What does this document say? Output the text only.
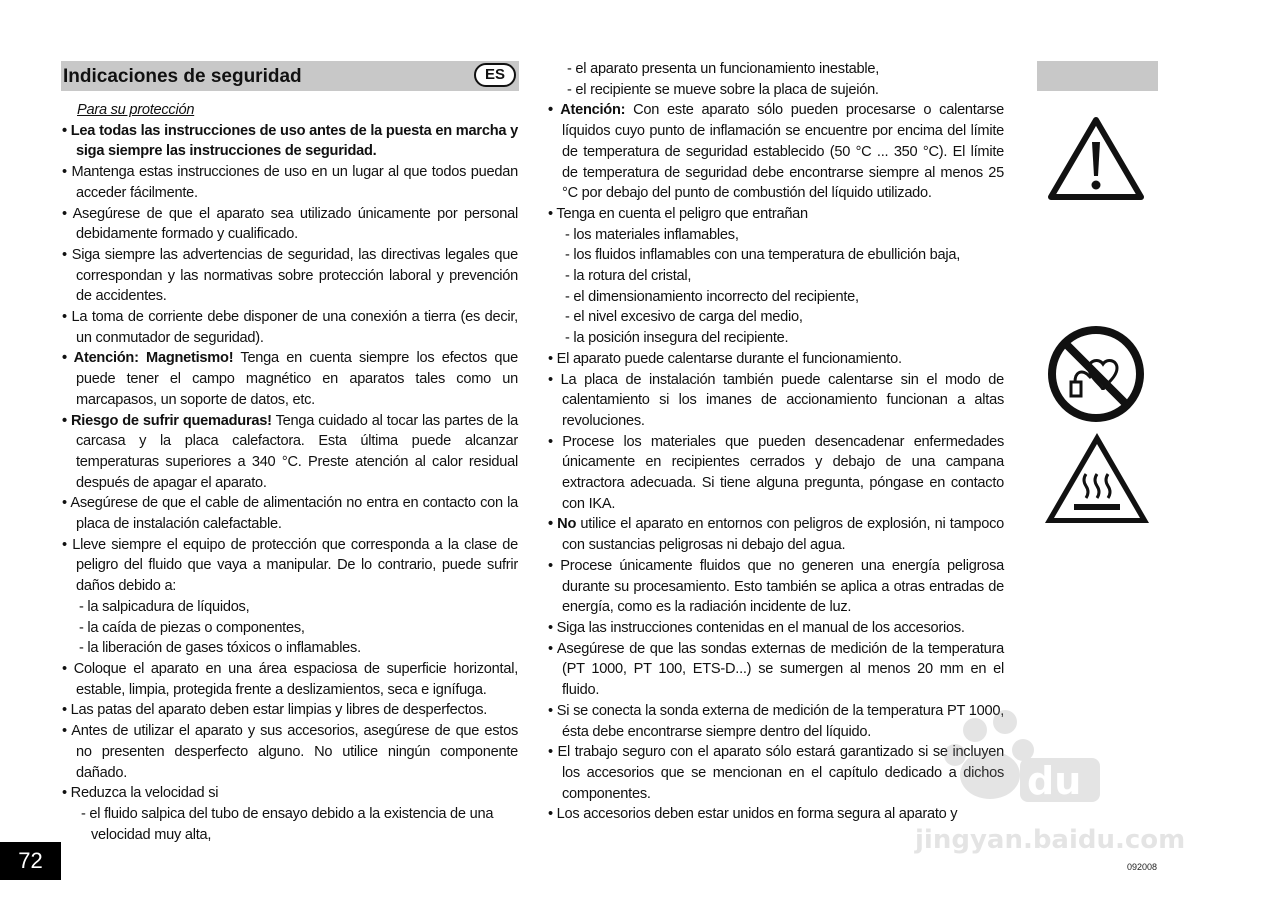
Indicaciones de seguridad	ES
Para su protección
• Lea todas las instrucciones de uso antes de la puesta en marcha y siga siempre las instrucciones de seguridad.
• Mantenga estas instrucciones de uso en un lugar al que todos puedan acceder fácilmente.
• Asegúrese de que el aparato sea utilizado únicamente por personal debidamente formado y cualificado.
• Siga siempre las advertencias de seguridad, las directivas legales que correspondan y las normativas sobre protección laboral y prevención de accidentes.
• La toma de corriente debe disponer de una conexión a tierra (es decir, un conmutador de seguridad).
• Atención: Magnetismo! Tenga en cuenta siempre los efectos que puede tener el campo magnético en aparatos tales como un marcapasos, un soporte de datos, etc.
• Riesgo de sufrir quemaduras! Tenga cuidado al tocar las partes de la carcasa y la placa calefactora. Esta última puede alcanzar temperaturas superiores a 340 °C. Preste atención al calor residual después de apagar el aparato.
• Asegúrese de que el cable de alimentación no entra en contacto con la placa de instalación calefactable.
• Lleve siempre el equipo de protección que corresponda a la clase de peligro del fluido que vaya a manipular. De lo contrario, puede sufrir daños debido a:
- la salpicadura de líquidos,
- la caída de piezas o componentes,
- la liberación de gases tóxicos o inflamables.
• Coloque el aparato en una área espaciosa de superficie horizontal, estable, limpia, protegida frente a deslizamientos, seca e ignífuga.
• Las patas del aparato deben estar limpias y libres de desperfectos.
• Antes de utilizar el aparato y sus accesorios, asegúrese de que estos no presenten desperfecto alguno. No utilice ningún componente dañado.
• Reduzca la velocidad si
- el fluido salpica del tubo de ensayo debido a la existencia de una velocidad muy alta,
- el aparato presenta un funcionamiento inestable,
- el recipiente se mueve sobre la placa de sujeión.
• Atención: Con este aparato sólo pueden procesarse o calentarse líquidos cuyo punto de inflamación se encuentre por encima del límite de temperatura de seguridad establecido (50 °C ... 350 °C). El límite de temperatura de seguridad debe encontrarse siempre al menos 25 °C por debajo del punto de combustión del líquido utilizado.
• Tenga en cuenta el peligro que entrañan
- los materiales inflamables,
- los fluidos inflamables con una temperatura de ebullición baja,
- la rotura del cristal,
- el dimensionamiento incorrecto del recipiente,
- el nivel excesivo de carga del medio,
- la posición insegura del recipiente.
• El aparato puede calentarse durante el funcionamiento.
• La placa de instalación también puede calentarse sin el modo de calentamiento si los imanes de accionamiento funcionan a altas revoluciones.
• Procese los materiales que pueden desencadenar enfermedades únicamente en recipientes cerrados y debajo de una campana extractora adecuada. Si tiene alguna pregunta, póngase en contacto con IKA.
• No utilice el aparato en entornos con peligros de explosión, ni tampoco con sustancias peligrosas ni debajo del agua.
• Procese únicamente fluidos que no generen una energía peligrosa durante su procesamiento. Esto también se aplica a otras entradas de energía, como es la radiación incidente de luz.
• Siga las instrucciones contenidas en el manual de los accesorios.
• Asegúrese de que las sondas externas de medición de la temperatura (PT 1000, PT 100, ETS-D...) se sumergen al menos 20 mm en el fluido.
• Si se conecta la sonda externa de medición de la temperatura PT 1000, ésta debe encontrarse siempre dentro del líquido.
• El trabajo seguro con el aparato sólo estará garantizado si se incluyen los accesorios que se mencionan en el capítulo dedicado a dichos componentes.
• Los accesorios deben estar unidos en forma segura al aparato y
72	092008
du
jingyan.baidu.com
